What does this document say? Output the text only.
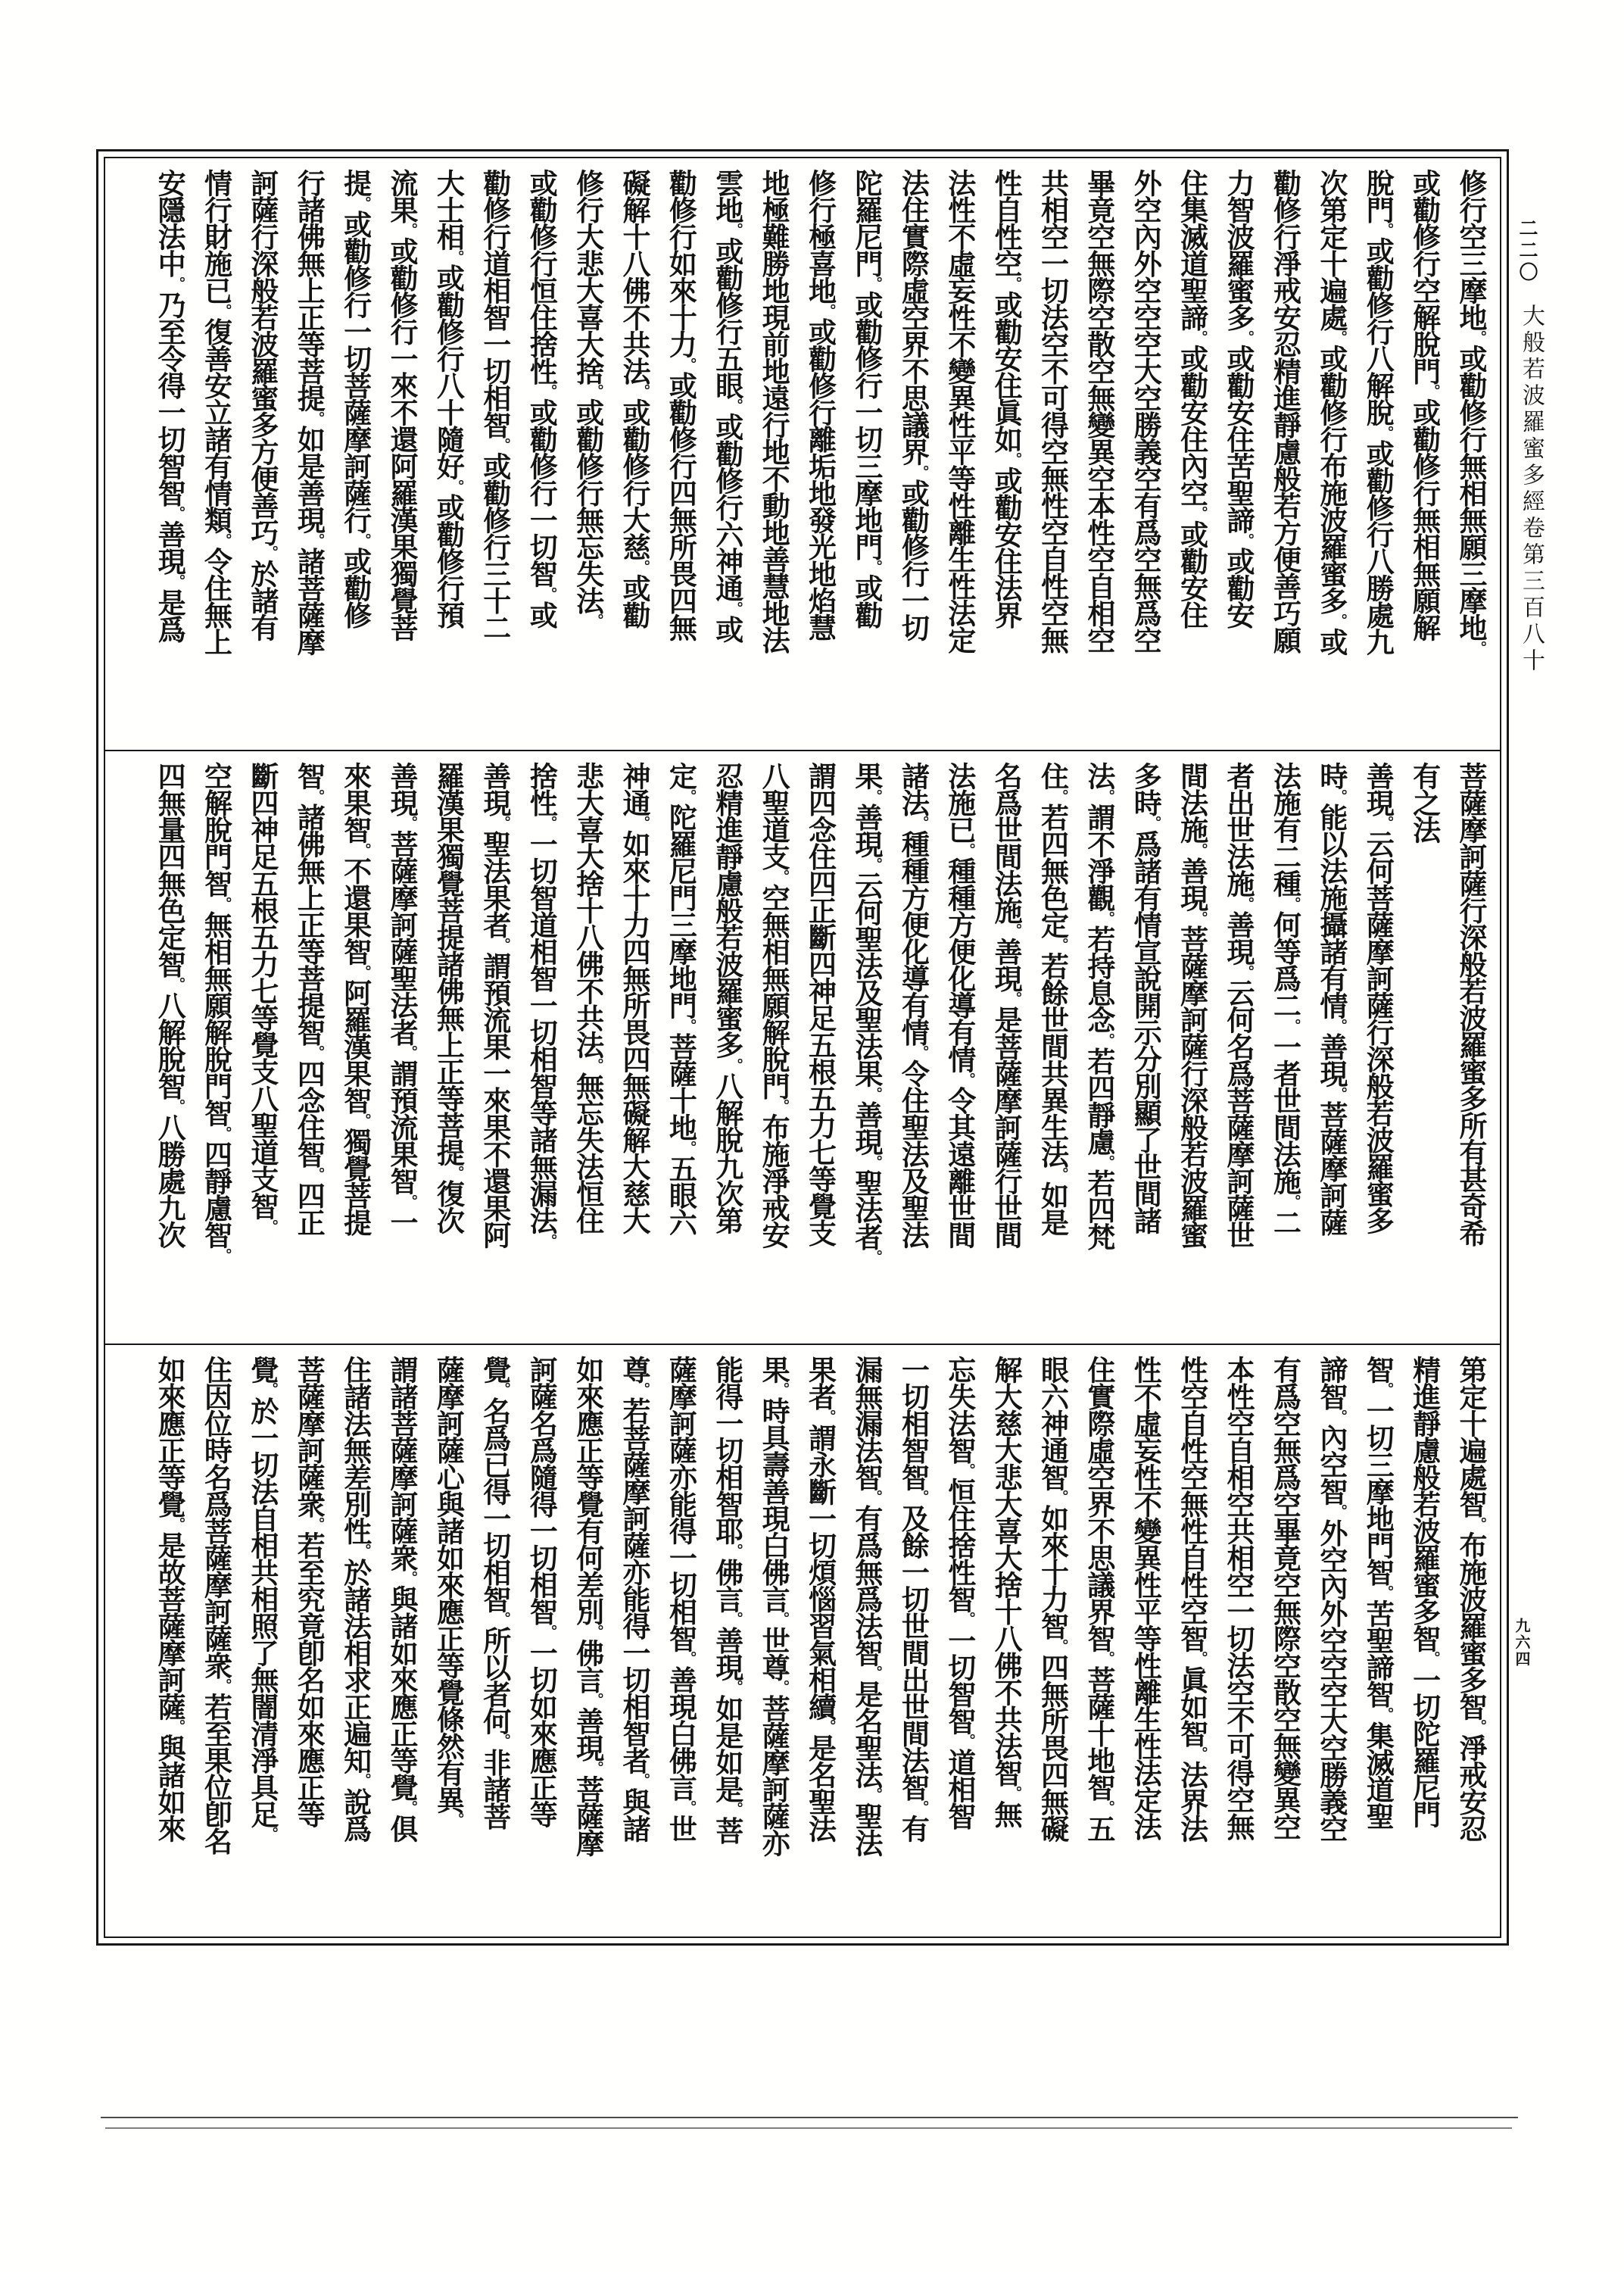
二二〇
大般若波羅蜜多經卷第三百八十
九六四
修行空三摩地。或勸修行無相無願三摩地。
或勸修行空解脫門。或勸修行無相無願解
脫門。或勸修行八解脫。或勸修行八勝處九
次第定十遍處。或勸修行布施波羅蜜多。或
勸修行淨戒安忍精進靜慮般若方便善巧願
力智波羅蜜多。或勸安住苦聖諦。或勸安
住集滅道聖諦。或勸安住內空。或勸安住
外空內外空空空大空勝義空有爲空無爲空
畢竟空無際空散空無變異空本性空自相空
共相空一切法空不可得空無性空自性空無
性自性空。或勸安住眞如。或勸安住法界
法性不虛妄性不變異性平等性離生性法定
法住實際虛空界不思議界。或勸修行一切
陀羅尼門。或勸修行一切三摩地門。或勸
修行極喜地。或勸修行離垢地發光地焰慧
地極難勝地現前地遠行地不動地善慧地法
雲地。或勸修行五眼。或勸修行六神通。或
勸修行如來十力。或勸修行四無所畏四無
礙解十八佛不共法。或勸修行大慈。或勸
修行大悲大喜大捨。或勸修行無忘失法。
或勸修行恒住捨性。或勸修行一切智。或
勸修行道相智一切相智。或勸修行三十二
大士相。或勸修行八十隨好。或勸修行預
流果。或勸修行一來不還阿羅漢果獨覺菩
提。或勸修行一切菩薩摩訶薩行。或勸修
行諸佛無上正等菩提。如是善現。諸菩薩摩
訶薩行深般若波羅蜜多方便善巧。於諸有
情行財施已。復善安立諸有情類。令住無上
安隱法中。乃至令得一切智智。善現。是爲
菩薩摩訶薩行深般若波羅蜜多所有甚奇希
有之法
善現。云何菩薩摩訶薩行深般若波羅蜜多
時。能以法施攝諸有情。善現。菩薩摩訶薩
法施有二種。何等爲二。一者世間法施。二
者出世法施。善現。云何名爲菩薩摩訶薩世
間法施。善現。菩薩摩訶薩行深般若波羅蜜
多時。爲諸有情宣說開示分別顯了世間諸
法。謂不淨觀。若持息念。若四靜慮。若四梵
住。若四無色定。若餘世間共異生法。如是
名爲世間法施。善現。是菩薩摩訶薩行世間
法施已。種種方便化導有情。令其遠離世間
諸法。種種方便化導有情。令住聖法及聖法
果。善現。云何聖法及聖法果。善現。聖法者。
謂四念住四正斷四神足五根五力七等覺支
八聖道支。空無相無願解脫門。布施淨戒安
忍精進靜慮般若波羅蜜多。八解脫九次第
定。陀羅尼門三摩地門。菩薩十地。五眼六
神通。如來十力四無所畏四無礙解大慈大
悲大喜大捨十八佛不共法。無忘失法恒住
捨性。一切智道相智一切相智等諸無漏法。
善現。聖法果者。謂預流果一來果不還果阿
羅漢果獨覺菩提諸佛無上正等菩提。復次
善現。菩薩摩訶薩聖法者。謂預流果智。一
來果智。不還果智。阿羅漢果智。獨覺菩提
智。諸佛無上正等菩提智。四念住智。四正
斷四神足五根五力七等覺支八聖道支智。
空解脫門智。無相無願解脫門智。四靜慮智。
四無量四無色定智。八解脫智。八勝處九次
第定十遍處智。布施波羅蜜多智。淨戒安忍
精進靜慮般若波羅蜜多智。一切陀羅尼門
智。一切三摩地門智。苦聖諦智。集滅道聖
諦智。內空智。外空內外空空空大空勝義空
有爲空無爲空畢竟空無際空散空無變異空
本性空自相空共相空一切法空不可得空無
性空自性空無性自性空智。眞如智。法界法
性不虛妄性不變異性平等性離生性法定法
住實際虛空界不思議界智。菩薩十地智。五
眼六神通智。如來十力智。四無所畏四無礙
解大慈大悲大喜大捨十八佛不共法智。無
忘失法智。恒住捨性智。一切智智。道相智
一切相智智。及餘一切世間出世間法智。有
漏無漏法智。有爲無爲法智。是名聖法。聖法
果者。謂永斷一切煩惱習氣相續。是名聖法
果。時具壽善現白佛言。世尊。菩薩摩訶薩亦
能得一切相智耶。佛言。善現。如是如是。菩
薩摩訶薩亦能得一切相智。善現白佛言。世
尊。若菩薩摩訶薩亦能得一切相智者。與諸
如來應正等覺有何差別。佛言。善現。菩薩摩
訶薩名爲隨得一切相智。一切如來應正等
覺。名爲已得一切相智。所以者何。非諸菩
薩摩訶薩心與諸如來應正等覺條然有異。
謂諸菩薩摩訶薩衆。與諸如來應正等覺。俱
住諸法無差別性。於諸法相求正遍知。說爲
菩薩摩訶薩衆。若至究竟卽名如來應正等
覺。於一切法自相共相照了無闇清淨具足。
住因位時名爲菩薩摩訶薩衆。若至果位卽名
如來應正等覺。是故菩薩摩訶薩。與諸如來
